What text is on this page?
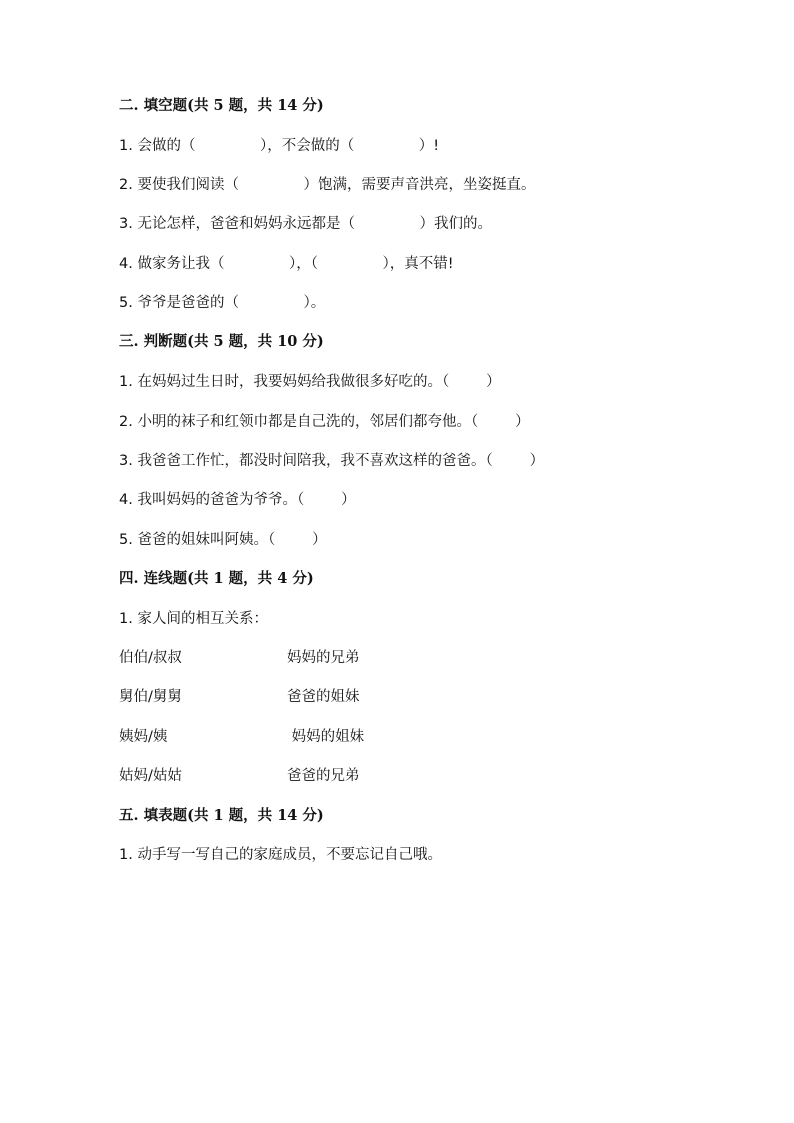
二. 填空题(共 5 题，共 14 分)
1. 会做的（              ），不会做的（              ）!
2. 要使我们阅读（              ）饱满，需要声音洪亮，坐姿挺直。
3. 无论怎样，爸爸和妈妈永远都是（              ）我们的。
4. 做家务让我（              ），（              ），真不错!
5. 爷爷是爸爸的（              ）。
三. 判断题(共 5 题，共 10 分)
1. 在妈妈过生日时，我要妈妈给我做很多好吃的。（        ）
2. 小明的袜子和红领巾都是自己洗的，邻居们都夸他。（        ）
3. 我爸爸工作忙，都没时间陪我，我不喜欢这样的爸爸。（        ）
4. 我叫妈妈的爸爸为爷爷。（        ）
5. 爸爸的姐妹叫阿姨。（        ）
四. 连线题(共 1 题，共 4 分)
1. 家人间的相互关系：
伯伯/叔叔	妈妈的兄弟
舅伯/舅舅	爸爸的姐妹
姨妈/姨	妈妈的姐妹
姑妈/姑姑	爸爸的兄弟
五. 填表题(共 1 题，共 14 分)
1. 动手写一写自己的家庭成员，不要忘记自己哦。
